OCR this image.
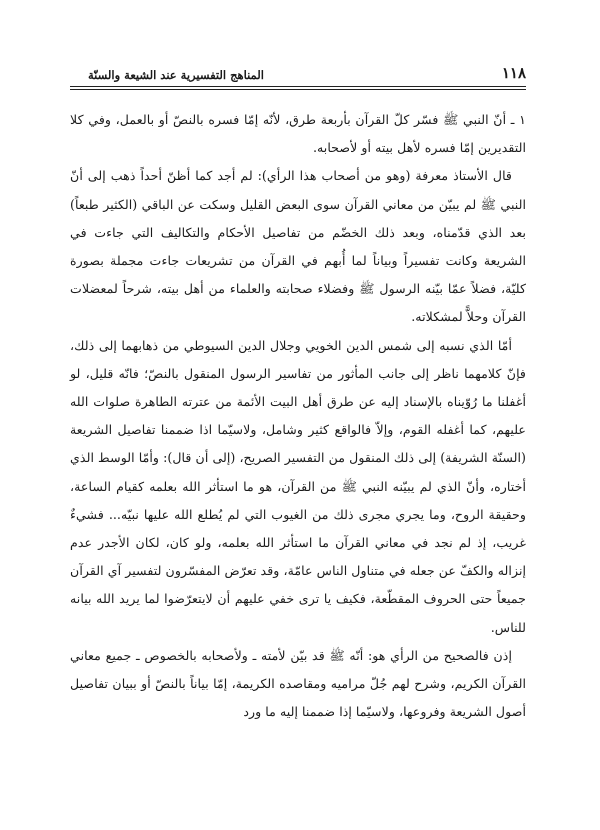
١١٨
المناهج التفسيرية عند الشيعة والسنّة

١ ـ أنّ النبي ﷺ فسّر كلّ القرآن بأربعة طرق، لأنّه إمّا فسره بالنصّ أو بالعمل، وفي كلا التقديرين إمّا فسره لأهل بيته أو لأصحابه.

قال الأستاذ معرفة (وهو من أصحاب هذا الرأي): لم أجد كما أظنّ أحداً ذهب إلى أنّ النبي ﷺ لم يبيّن من معاني القرآن سوى البعض القليل وسكت عن الباقي (الكثير طبعاً) بعد الذي قدّمناه، وبعد ذلك الخضّم من تفاصيل الأحكام والتكاليف التي جاءت في الشريعة وكانت تفسيراً وبياناً لما أُبهم في القرآن من تشريعات جاءت مجملة بصورة كليّة، فضلاً عمّا بيّنه الرسول ﷺ وفضلاء صحابته والعلماء من أهل بيته، شرحاً لمعضلات القرآن وحلاًّ لمشكلاته.

أمّا الذي نسبه إلى شمس الدين الخويي وجلال الدين السيوطي من ذهابهما إلى ذلك، فإنّ كلامهما ناظر إلى جانب المأثور من تفاسير الرسول المنقول بالنصّ؛ فانّه قليل، لو أغفلنا ما رُوّيناه بالإسناد إليه عن طرق أهل البيت الأئمة من عترته الطاهرة صلوات الله عليهم، كما أغفله القوم، وإلاّ فالواقع كثير وشامل، ولاسيّما اذا ضممنا تفاصيل الشريعة (السنّة الشريفة) إلى ذلك المنقول من التفسير الصريح، (إلى أن قال): وأمّا الوسط الذي أختاره، وأنّ الذي لم يبيّنه النبي ﷺ من القرآن، هو ما استأثر الله بعلمه كقيام الساعة، وحقيقة الروح، وما يجري مجرى ذلك من الغيوب التي لم يُطلع الله عليها نبيّه... فشيءٌ غريب، إذ لم نجد في معاني القرآن ما استأثر الله بعلمه، ولو كان، لكان الأجدر عدم إنزاله والكفّ عن جعله في متناول الناس عامّة، وقد تعرّض المفسّرون لتفسير آي القرآن جميعاً حتى الحروف المقطّعة، فكيف يا ترى خفي عليهم أن لايتعرّضوا لما يريد الله بيانه للناس.

إذن فالصحيح من الرأي هو: أنّه ﷺ قد بيّن لأمته ـ ولأصحابه بالخصوص ـ جميع معاني القرآن الكريم، وشرح لهم جُلّ مراميه ومقاصده الكريمة، إمّا بياناً بالنصّ أو ببيان تفاصيل أصول الشريعة وفروعها، ولاسيّما إذا ضممنا إليه ما ورد
